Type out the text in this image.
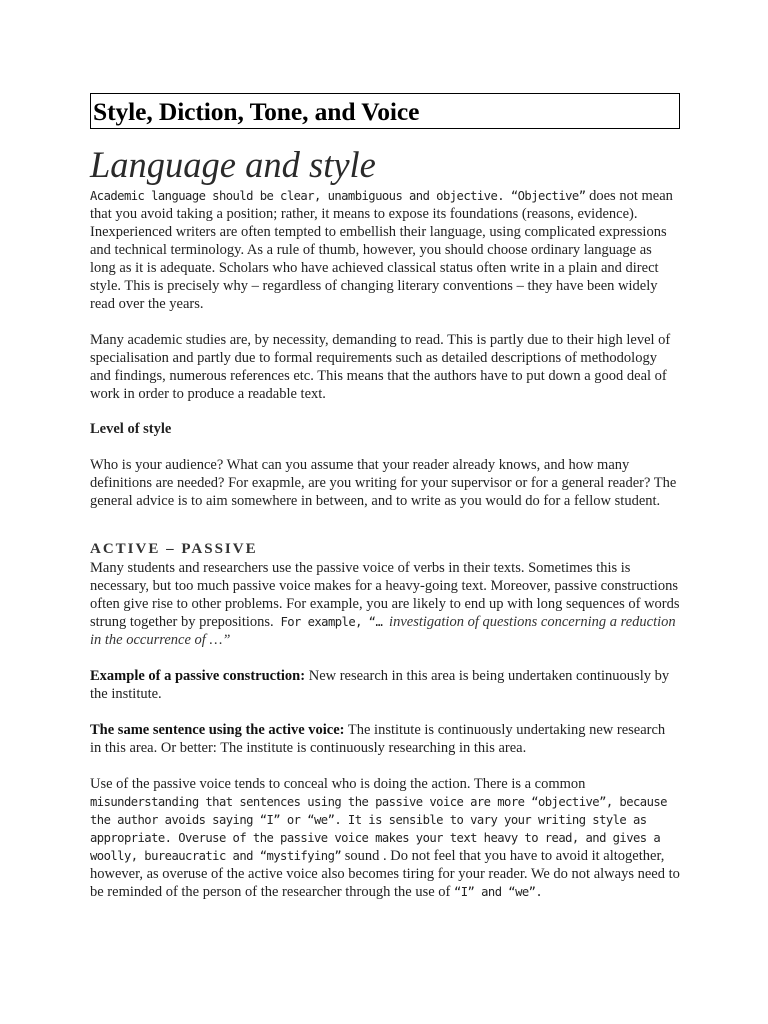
Style, Diction, Tone, and Voice
Language and style

Academic language should be clear, unambiguous and objective. “Objective” does not mean that you avoid taking a position; rather, it means to expose its foundations (reasons, evidence). Inexperienced writers are often tempted to embellish their language, using complicated expressions and technical terminology. As a rule of thumb, however, you should choose ordinary language as long as it is adequate. Scholars who have achieved classical status often write in a plain and direct style. This is precisely why – regardless of changing literary conventions – they have been widely read over the years.

Many academic studies are, by necessity, demanding to read. This is partly due to their high level of specialisation and partly due to formal requirements such as detailed descriptions of methodology and findings, numerous references etc. This means that the authors have to put down a good deal of work in order to produce a readable text.

Level of style

Who is your audience? What can you assume that your reader already knows, and how many definitions are needed? For exapmle, are you writing for your supervisor or for a general reader? The general advice is to aim somewhere in between, and to write as you would do for a fellow student.

ACTIVE – PASSIVE

Many students and researchers use the passive voice of verbs in their texts. Sometimes this is necessary, but too much passive voice makes for a heavy-going text. Moreover, passive constructions often give rise to other problems. For example, you are likely to end up with long sequences of words strung together by prepositions. For example, “… investigation of questions concerning a reduction in the occurrence of …”

Example of a passive construction: New research in this area is being undertaken continuously by the institute.

The same sentence using the active voice: The institute is continuously undertaking new research in this area. Or better: The institute is continuously researching in this area.

Use of the passive voice tends to conceal who is doing the action. There is a common misunderstanding that sentences using the passive voice are more “objective”, because the author avoids saying “I” or “we”. It is sensible to vary your writing style as appropriate. Overuse of the passive voice makes your text heavy to read, and gives a woolly, bureaucratic and “mystifying” sound . Do not feel that you have to avoid it altogether, however, as overuse of the active voice also becomes tiring for your reader. We do not always need to be reminded of the person of the researcher through the use of “I” and “we”.
